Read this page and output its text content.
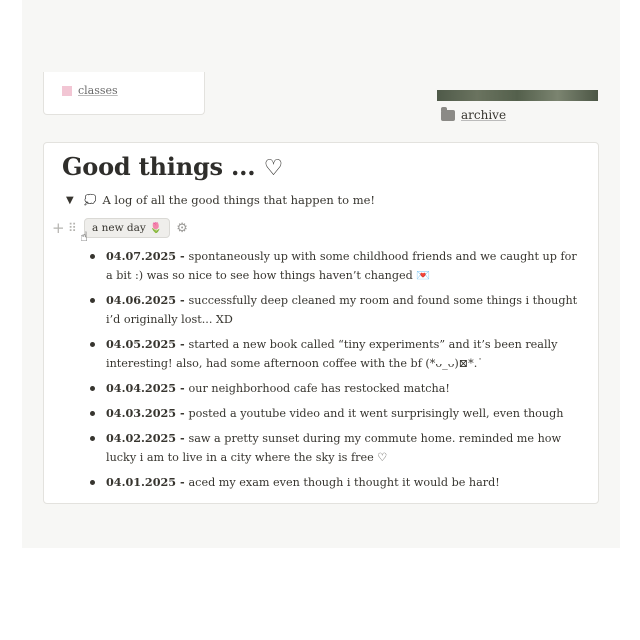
classes
archive
Good things ... ♡
▼	💭 A log of all the good things that happen to me!
+ ⠿	a new day 🌷 ⚙
☝
04.07.2025 - spontaneously up with some childhood friends and we caught up for a bit :) was so nice to see how things haven’t changed 💌
04.06.2025 - successfully deep cleaned my room and found some things i thought i’d originally lost... XD
04.05.2025 - started a new book called “tiny experiments” and it’s been really interesting! also, had some afternoon coffee with the bf (*ᴗ_ᴗ)⊠*.˙
04.04.2025 - our neighborhood cafe has restocked matcha!
04.03.2025 - posted a youtube video and it went surprisingly well, even though
04.02.2025 - saw a pretty sunset during my commute home. reminded me how lucky i am to live in a city where the sky is free ♡
04.01.2025 - aced my exam even though i thought it would be hard!
